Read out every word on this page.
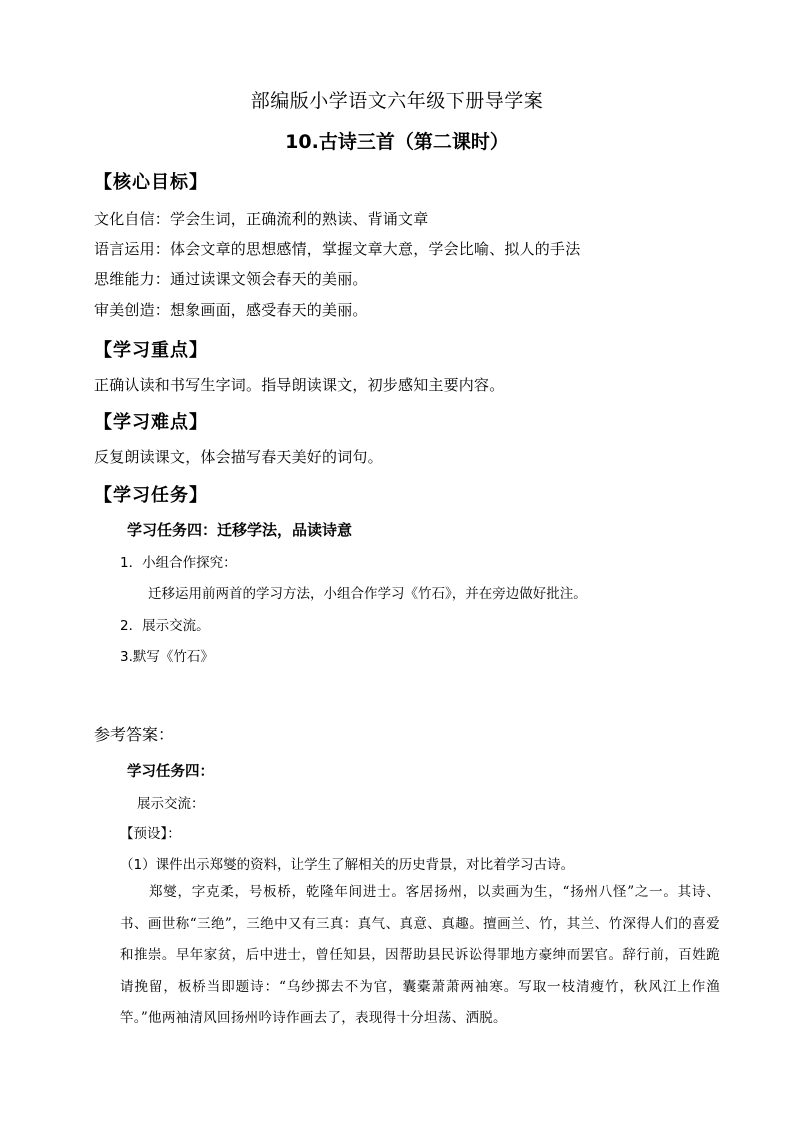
部编版小学语文六年级下册导学案
10.古诗三首（第二课时）
【核心目标】
文化自信：学会生词，正确流利的熟读、背诵文章
语言运用：体会文章的思想感情，掌握文章大意，学会比喻、拟人的手法
思维能力：通过读课文领会春天的美丽。
审美创造：想象画面，感受春天的美丽。
【学习重点】
正确认读和书写生字词。指导朗读课文，初步感知主要内容。
【学习难点】
反复朗读课文，体会描写春天美好的词句。
【学习任务】
学习任务四：迁移学法，品读诗意
1．小组合作探究：
迁移运用前两首的学习方法，小组合作学习《竹石》，并在旁边做好批注。
2．展示交流。
3.默写《竹石》
参考答案：
学习任务四：
展示交流：
【预设】：
（1）课件出示郑燮的资料，让学生了解相关的历史背景，对比着学习古诗。
郑燮，字克柔，号板桥，乾隆年间进士。客居扬州，以卖画为生，“扬州八怪”之一。其诗、书、画世称“三绝”，三绝中又有三真：真气、真意、真趣。擅画兰、竹，其兰、竹深得人们的喜爱和推崇。早年家贫，后中进士，曾任知县，因帮助县民诉讼得罪地方豪绅而罢官。辞行前，百姓跪请挽留，板桥当即题诗：“乌纱掷去不为官，囊橐萧萧两袖寒。写取一枝清瘦竹，秋风江上作渔竿。”他两袖清风回扬州吟诗作画去了，表现得十分坦荡、洒脱。
